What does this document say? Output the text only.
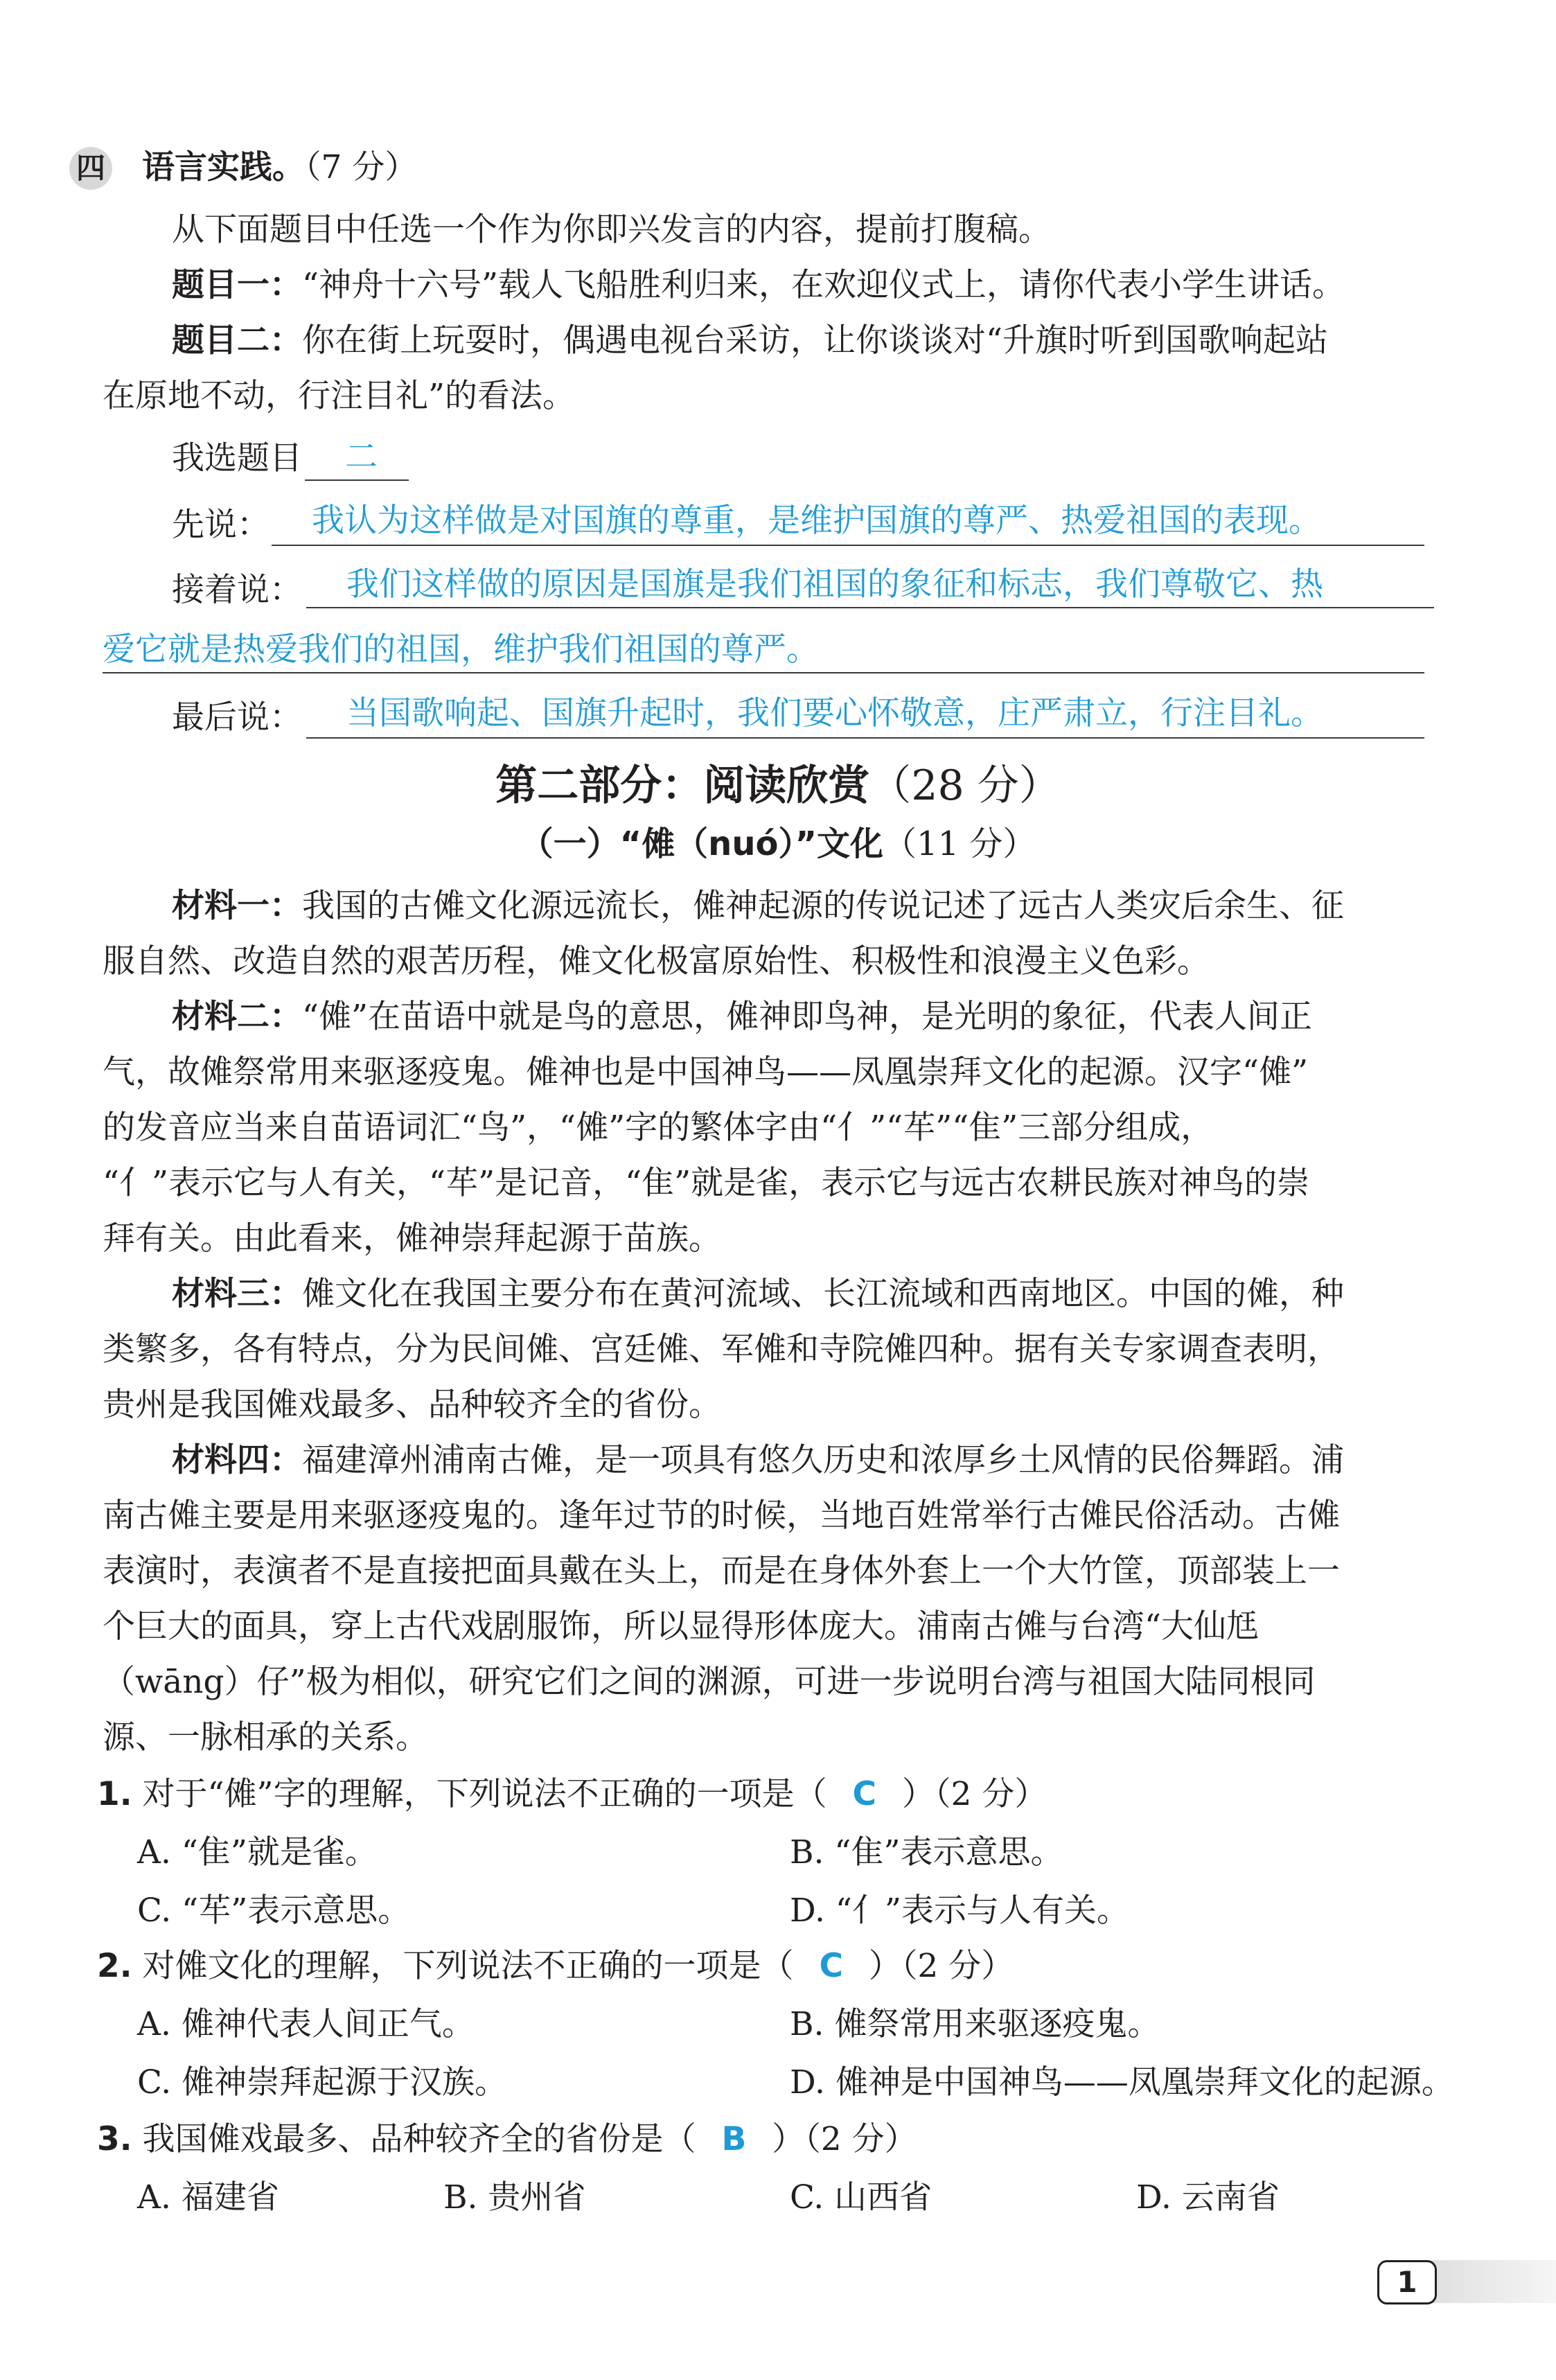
四 语言实践。（7 分）
从下面题目中任选一个作为你即兴发言的内容，提前打腹稿。
题目一：“神舟十六号”载人飞船胜利归来，在欢迎仪式上，请你代表小学生讲话。
题目二：你在街上玩耍时，偶遇电视台采访，让你谈谈对“升旗时听到国歌响起站
在原地不动，行注目礼”的看法。
我选题目 二
先说： 我认为这样做是对国旗的尊重，是维护国旗的尊严、热爱祖国的表现。
接着说： 我们这样做的原因是国旗是我们祖国的象征和标志，我们尊敬它、热
爱它就是热爱我们的祖国，维护我们祖国的尊严。
最后说： 当国歌响起、国旗升起时，我们要心怀敬意，庄严肃立，行注目礼。
第二部分：阅读欣赏（28 分）
（一）“傩（nuó）”文化（11 分）
材料一：我国的古傩文化源远流长，傩神起源的传说记述了远古人类灾后余生、征
服自然、改造自然的艰苦历程，傩文化极富原始性、积极性和浪漫主义色彩。
材料二：“傩”在苗语中就是鸟的意思，傩神即鸟神，是光明的象征，代表人间正
气，故傩祭常用来驱逐疫鬼。傩神也是中国神鸟——凤凰崇拜文化的起源。汉字“傩”
的发音应当来自苗语词汇“鸟”，“傩”字的繁体字由“亻”“䒜”“隹”三部分组成，
“亻”表示它与人有关，“䒜”是记音，“隹”就是雀，表示它与远古农耕民族对神鸟的崇
拜有关。由此看来，傩神崇拜起源于苗族。
材料三：傩文化在我国主要分布在黄河流域、长江流域和西南地区。中国的傩，种
类繁多，各有特点，分为民间傩、宫廷傩、军傩和寺院傩四种。据有关专家调查表明，
贵州是我国傩戏最多、品种较齐全的省份。
材料四：福建漳州浦南古傩，是一项具有悠久历史和浓厚乡土风情的民俗舞蹈。浦
南古傩主要是用来驱逐疫鬼的。逢年过节的时候，当地百姓常举行古傩民俗活动。古傩
表演时，表演者不是直接把面具戴在头上，而是在身体外套上一个大竹筐，顶部装上一
个巨大的面具，穿上古代戏剧服饰，所以显得形体庞大。浦南古傩与台湾“大仙尪
（wāng）仔”极为相似，研究它们之间的渊源，可进一步说明台湾与祖国大陆同根同
源、一脉相承的关系。
1. 对于“傩”字的理解，下列说法不正确的一项是（ C ）（2 分）
A. “隹”就是雀。	B. “隹”表示意思。
C. “䒜”表示意思。	D. “亻”表示与人有关。
2. 对傩文化的理解，下列说法不正确的一项是（ C ）（2 分）
A. 傩神代表人间正气。	B. 傩祭常用来驱逐疫鬼。
C. 傩神崇拜起源于汉族。	D. 傩神是中国神鸟——凤凰崇拜文化的起源。
3. 我国傩戏最多、品种较齐全的省份是（ B ）（2 分）
A. 福建省	B. 贵州省	C. 山西省	D. 云南省
1
